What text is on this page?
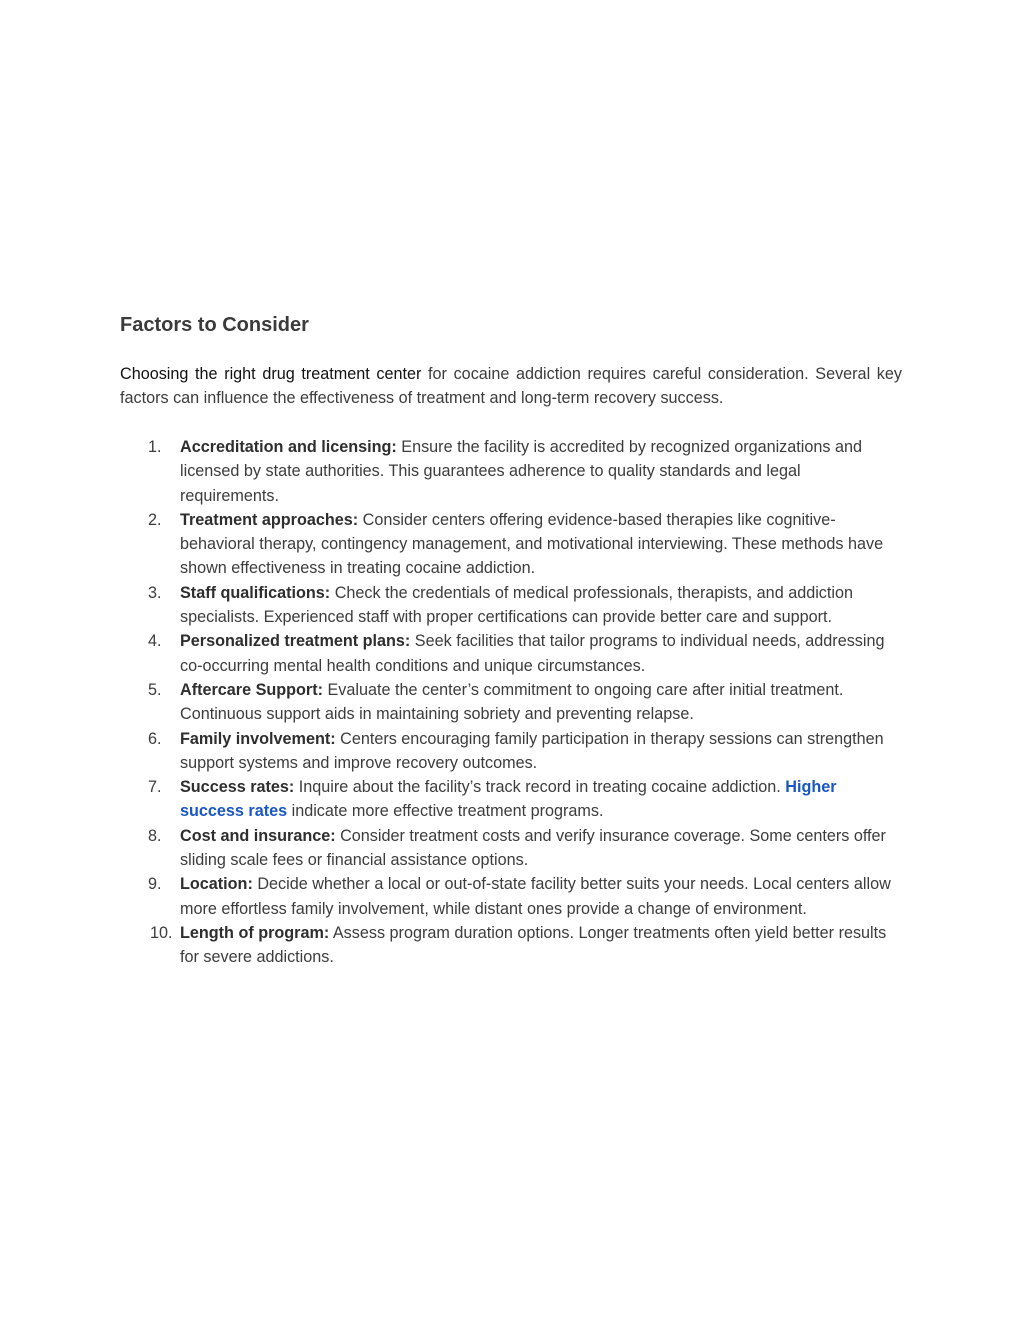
Factors to Consider

Choosing the right drug treatment center for cocaine addiction requires careful consideration. Several key factors can influence the effectiveness of treatment and long-term recovery success.

1.	Accreditation and licensing: Ensure the facility is accredited by recognized organizations and licensed by state authorities. This guarantees adherence to quality standards and legal requirements.
2.	Treatment approaches: Consider centers offering evidence-based therapies like cognitive-behavioral therapy, contingency management, and motivational interviewing. These methods have shown effectiveness in treating cocaine addiction.
3.	Staff qualifications: Check the credentials of medical professionals, therapists, and addiction specialists. Experienced staff with proper certifications can provide better care and support.
4.	Personalized treatment plans: Seek facilities that tailor programs to individual needs, addressing co-occurring mental health conditions and unique circumstances.
5.	Aftercare Support: Evaluate the center’s commitment to ongoing care after initial treatment. Continuous support aids in maintaining sobriety and preventing relapse.
6.	Family involvement: Centers encouraging family participation in therapy sessions can strengthen support systems and improve recovery outcomes.
7.	Success rates: Inquire about the facility’s track record in treating cocaine addiction. Higher success rates indicate more effective treatment programs.
8.	Cost and insurance: Consider treatment costs and verify insurance coverage. Some centers offer sliding scale fees or financial assistance options.
9.	Location: Decide whether a local or out-of-state facility better suits your needs. Local centers allow more effortless family involvement, while distant ones provide a change of environment.
10. Length of program: Assess program duration options. Longer treatments often yield better results for severe addictions.
